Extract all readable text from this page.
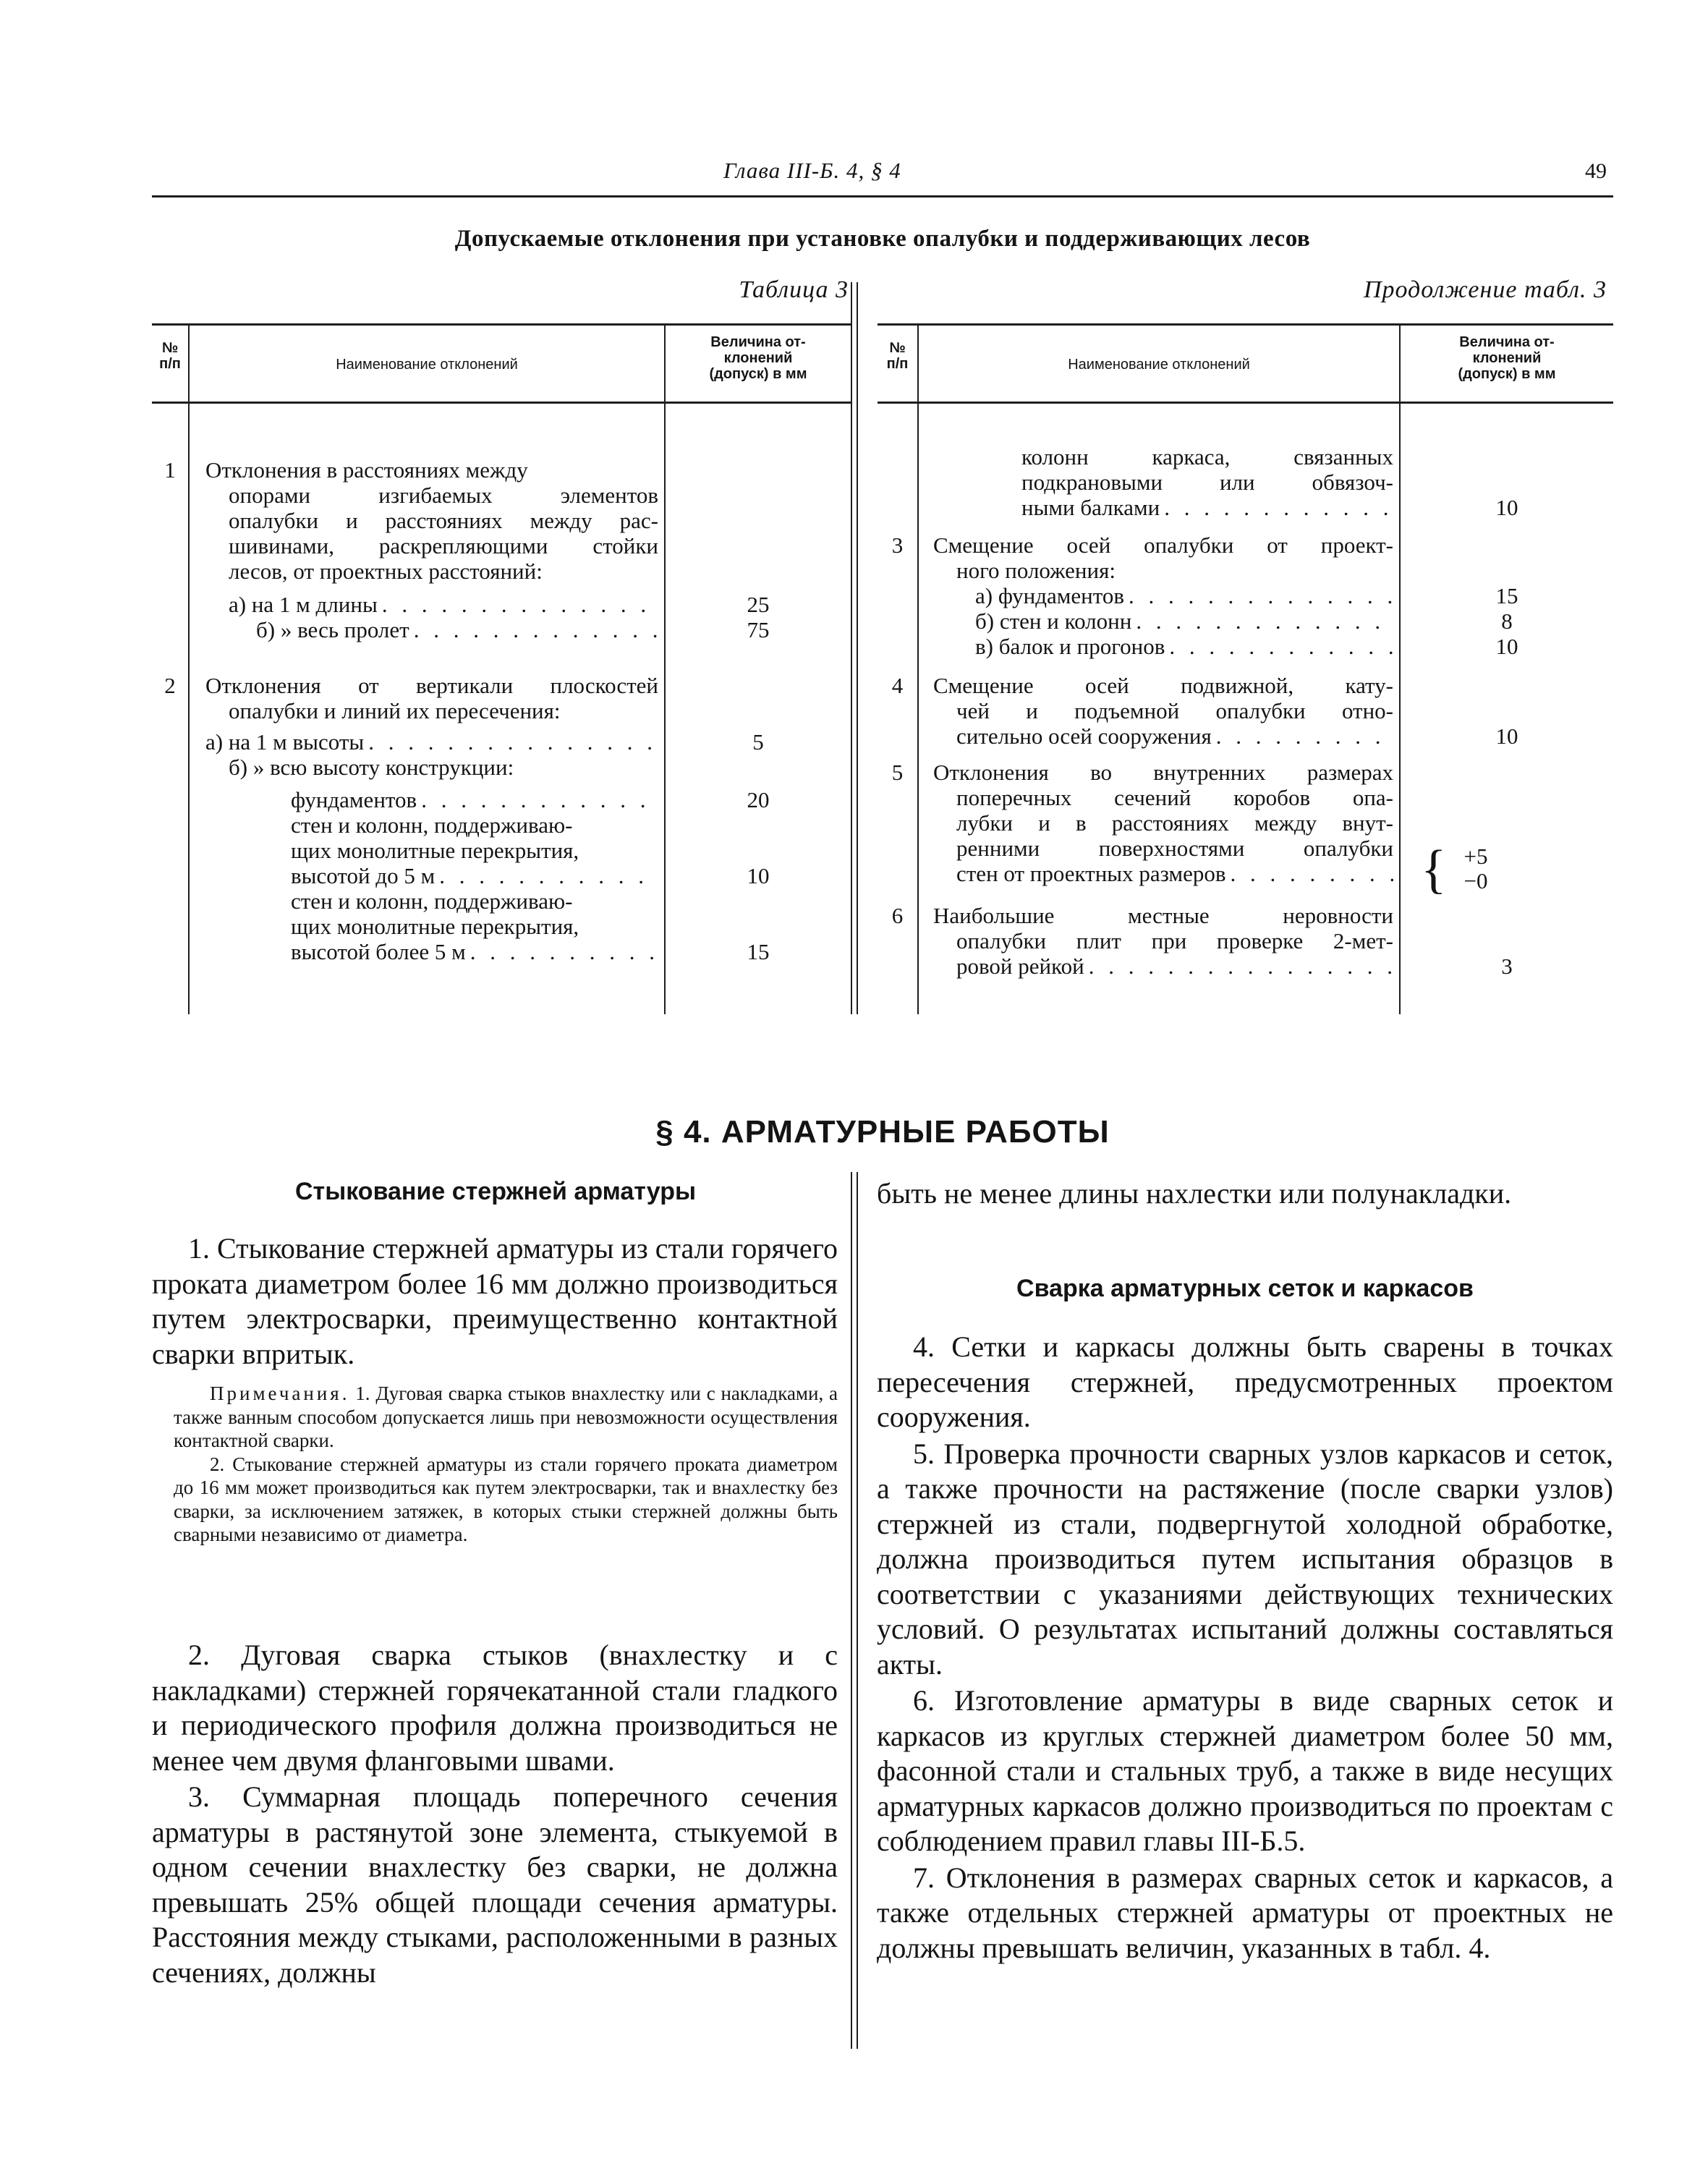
Глава III-Б. 4, § 4	49
Допускаемые отклонения при установке опалубки и поддерживающих лесов
Таблица 3	Продолжение табл. 3
№
п/п	Наименование отклонений
Величина от-
клонений
(допуск) в мм
1	Отклонения в расстояниях между
опорами изгибаемых элементов
опалубки и расстояниях между рас-
шивинами, раскрепляющими стойки
лесов, от проектных расстояний:
а) на 1 м длины . . .	25
б) » весь пролет . . .	75
2	Отклонения от вертикали плоскостей
опалубки и линий их пересечения:
а) на 1 м высоты . . .	5
б) » всю высоту конструкции:
фундаментов . . .	20
стен и колонн, поддерживаю-
щих монолитные перекрытия,
высотой до 5 м . . .	10
стен и колонн, поддерживаю-
щих монолитные перекрытия,
высотой более 5 м . . .	15
№
п/п	Наименование отклонений
Величина от-
клонений
(допуск) в мм
колонн каркаса, связанных
подкрановыми или обвязоч-
ными балками . . .	10
3	Смещение осей опалубки от проект-
ного положения:
а) фундаментов . . .	15
б) стен и колонн . . .	8
в) балок и прогонов . . .	10
4	Смещение осей подвижной, кату-
чей и подъемной опалубки отно-
сительно осей сооружения . . .	10
5	Отклонения во внутренних размерах
поперечных сечений коробов опа-
лубки и в расстояниях между внут-
ренними поверхностями опалубки
стен от проектных размеров . . .	{ +5
−0
6	Наибольшие местные неровности
опалубки плит при проверке 2-мет-
ровой рейкой . . .	3
§ 4. АРМАТУРНЫЕ РАБОТЫ
Стыкование стержней арматуры
1. Стыкование стержней арматуры из стали горячего проката диаметром более 16 мм должно производиться путем электросварки, преимущественно контактной сварки впритык.

Примечания. 1. Дуговая сварка стыков внахлестку или с накладками, а также ванным способом допускается лишь при невозможности осуществления контактной сварки.

2. Стыкование стержней арматуры из стали горячего проката диаметром до 16 мм может производиться как путем электросварки, так и внахлестку без сварки, за исключением затяжек, в которых стыки стержней должны быть сварными независимо от диаметра.

2. Дуговая сварка стыков (внахлестку и с накладками) стержней горячекатанной стали гладкого и периодического профиля должна производиться не менее чем двумя фланговыми швами.
3. Суммарная площадь поперечного сечения арматуры в растянутой зоне элемента, стыкуемой в одном сечении внахлестку без сварки, не должна превышать 25% общей площади сечения арматуры. Расстояния между стыками, расположенными в разных сечениях, должны
быть не менее длины нахлестки или полунакладки.
Сварка арматурных сеток и каркасов
4. Сетки и каркасы должны быть сварены в точках пересечения стержней, предусмотренных проектом сооружения.
5. Проверка прочности сварных узлов каркасов и сеток, а также прочности на растяжение (после сварки узлов) стержней из стали, подвергнутой холодной обработке, должна производиться путем испытания образцов в соответствии с указаниями действующих технических условий. О результатах испытаний должны составляться акты.
6. Изготовление арматуры в виде сварных сеток и каркасов из круглых стержней диаметром более 50 мм, фасонной стали и стальных труб, а также в виде несущих арматурных каркасов должно производиться по проектам с соблюдением правил главы III-Б.5.
7. Отклонения в размерах сварных сеток и каркасов, а также отдельных стержней арматуры от проектных не должны превышать величин, указанных в табл. 4.
